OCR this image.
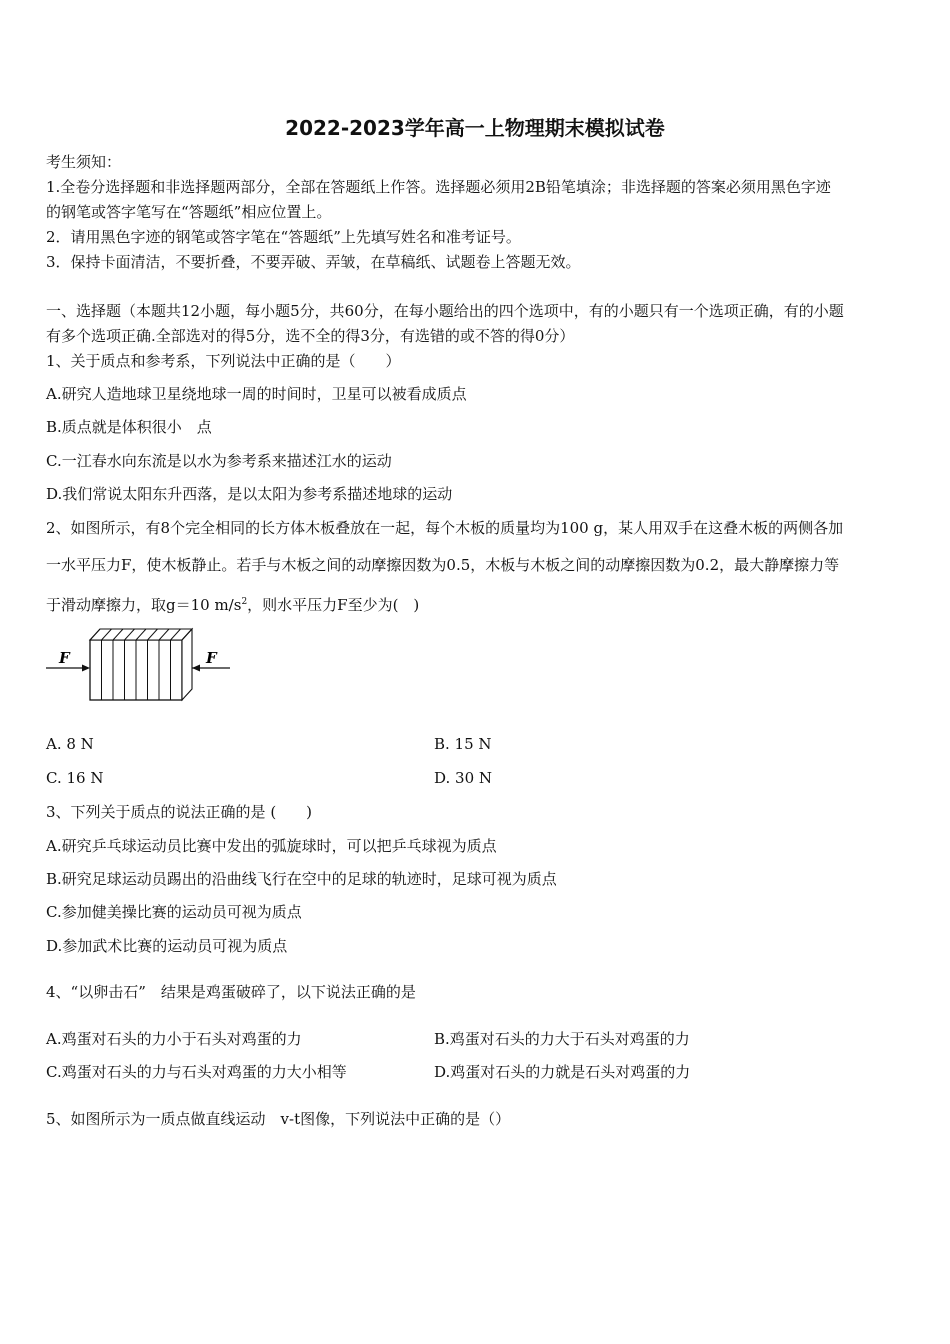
2022-2023学年高一上物理期末模拟试卷
考生须知：
1.全卷分选择题和非选择题两部分，全部在答题纸上作答。选择题必须用2B铅笔填涂；非选择题的答案必须用黑色字迹
的钢笔或答字笔写在“答题纸”相应位置上。
2．请用黑色字迹的钢笔或答字笔在“答题纸”上先填写姓名和准考证号。
3．保持卡面清洁，不要折叠，不要弄破、弄皱，在草稿纸、试题卷上答题无效。
一、选择题（本题共12小题，每小题5分，共60分，在每小题给出的四个选项中，有的小题只有一个选项正确，有的小题
有多个选项正确.全部选对的得5分，选不全的得3分，有选错的或不答的得0分）
1、关于质点和参考系，下列说法中正确的是（　　）
A.研究人造地球卫星绕地球一周的时间时，卫星可以被看成质点
B.质点就是体积很小　点
C.一江春水向东流是以水为参考系来描述江水的运动
D.我们常说太阳东升西落，是以太阳为参考系描述地球的运动
2、如图所示，有8个完全相同的长方体木板叠放在一起，每个木板的质量均为100 g，某人用双手在这叠木板的两侧各加
一水平压力F，使木板静止。若手与木板之间的动摩擦因数为0.5，木板与木板之间的动摩擦因数为0.2，最大静摩擦力等
于滑动摩擦力，取g＝10 $m/s^2$，则水平压力F至少为(　)
F	F
A. 8 N	B. 15 N
C. 16 N	D. 30 N
3、下列关于质点的说法正确的是 (　　)
A.研究乒乓球运动员比赛中发出的弧旋球时，可以把乒乓球视为质点
B.研究足球运动员踢出的沿曲线飞行在空中的足球的轨迹时，足球可视为质点
C.参加健美操比赛的运动员可视为质点
D.参加武术比赛的运动员可视为质点
4、“以卵击石”　结果是鸡蛋破碎了，以下说法正确的是
A.鸡蛋对石头的力小于石头对鸡蛋的力	B.鸡蛋对石头的力大于石头对鸡蛋的力
C.鸡蛋对石头的力与石头对鸡蛋的力大小相等	D.鸡蛋对石头的力就是石头对鸡蛋的力
5、如图所示为一质点做直线运动　v-t图像，下列说法中正确的是（）
